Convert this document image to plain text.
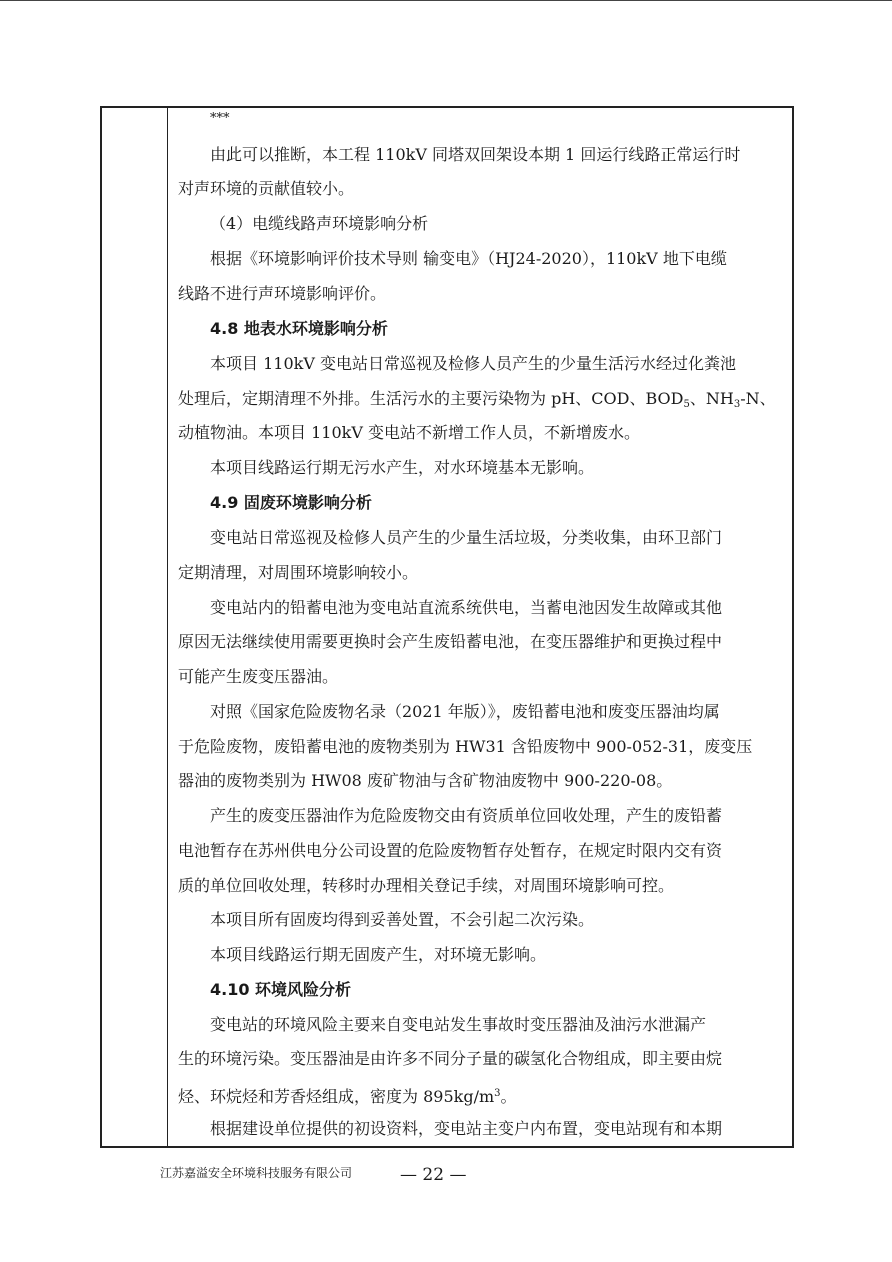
***
由此可以推断，本工程 110kV 同塔双回架设本期 1 回运行线路正常运行时
对声环境的贡献值较小。
（4）电缆线路声环境影响分析
根据《环境影响评价技术导则 输变电》（HJ24-2020），110kV 地下电缆
线路不进行声环境影响评价。
4.8 地表水环境影响分析
本项目 110kV 变电站日常巡视及检修人员产生的少量生活污水经过化粪池
处理后，定期清理不外排。生活污水的主要污染物为 pH、COD、$BOD_5$、$NH_3-N$、
动植物油。本项目 110kV 变电站不新增工作人员，不新增废水。
本项目线路运行期无污水产生，对水环境基本无影响。
4.9 固废环境影响分析
变电站日常巡视及检修人员产生的少量生活垃圾，分类收集，由环卫部门
定期清理，对周围环境影响较小。
变电站内的铅蓄电池为变电站直流系统供电，当蓄电池因发生故障或其他
原因无法继续使用需要更换时会产生废铅蓄电池，在变压器维护和更换过程中
可能产生废变压器油。
对照《国家危险废物名录（2021 年版）》，废铅蓄电池和废变压器油均属
于危险废物，废铅蓄电池的废物类别为 HW31 含铅废物中 900-052-31，废变压
器油的废物类别为 HW08 废矿物油与含矿物油废物中 900-220-08。
产生的废变压器油作为危险废物交由有资质单位回收处理，产生的废铅蓄
电池暂存在苏州供电分公司设置的危险废物暂存处暂存，在规定时限内交有资
质的单位回收处理，转移时办理相关登记手续，对周围环境影响可控。
本项目所有固废均得到妥善处置，不会引起二次污染。
本项目线路运行期无固废产生，对环境无影响。
4.10 环境风险分析
变电站的环境风险主要来自变电站发生事故时变压器油及油污水泄漏产
生的环境污染。变压器油是由许多不同分子量的碳氢化合物组成，即主要由烷
烃、环烷烃和芳香烃组成，密度为 $895kg/m^3$。
根据建设单位提供的初设资料，变电站主变户内布置，变电站现有和本期
江苏嘉溢安全环境科技服务有限公司	— 22 —
